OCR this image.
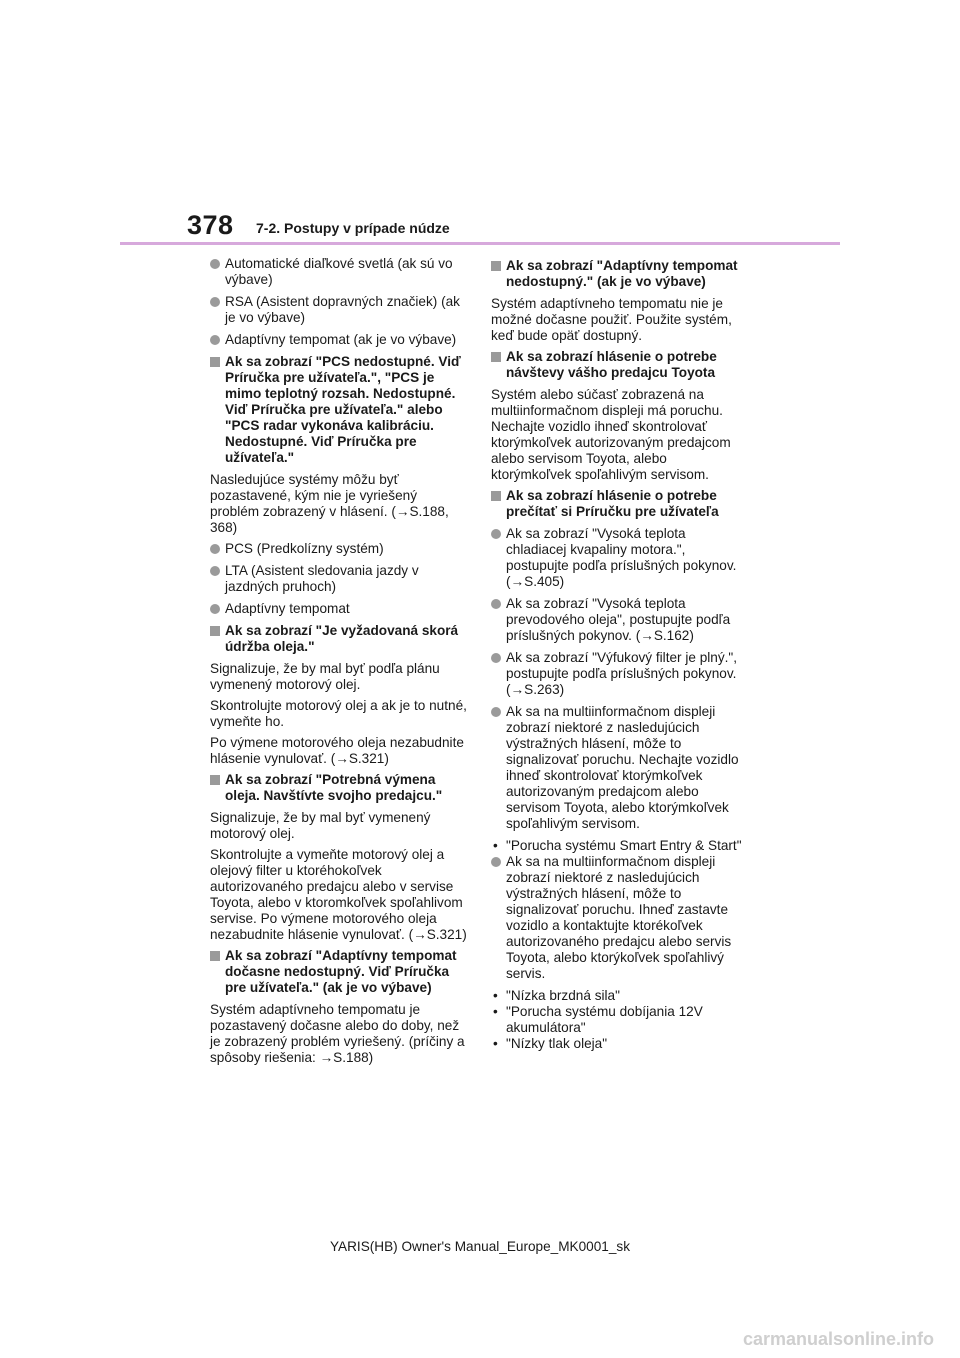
378 7-2. Postupy v prípade núdze
Automatické diaľkové svetlá (ak sú vo výbave)
RSA (Asistent dopravných značiek) (ak je vo výbave)
Adaptívny tempomat (ak je vo výbave)
Ak sa zobrazí "PCS nedostupné. Viď Príručka pre užívateľa.", "PCS je mimo teplotný rozsah. Nedostupné. Viď Príručka pre užívateľa." alebo "PCS radar vykonáva kalibráciu. Nedostupné. Viď Príručka pre užívateľa."
Nasledujúce systémy môžu byť pozastavené, kým nie je vyriešený problém zobrazený v hlásení. (→S.188, 368)
PCS (Predkolízny systém)
LTA (Asistent sledovania jazdy v jazdných pruhoch)
Adaptívny tempomat
Ak sa zobrazí "Je vyžadovaná skorá údržba oleja."
Signalizuje, že by mal byť podľa plánu vymenený motorový olej.
Skontrolujte motorový olej a ak je to nutné, vymeňte ho.
Po výmene motorového oleja nezabudnite hlásenie vynulovať. (→S.321)
Ak sa zobrazí "Potrebná výmena oleja. Navštívte svojho predajcu."
Signalizuje, že by mal byť vymenený motorový olej.
Skontrolujte a vymeňte motorový olej a olejový filter u ktoréhokoľvek autorizovaného predajcu alebo v servise Toyota, alebo v ktoromkoľvek spoľahlivom servise. Po výmene motorového oleja nezabudnite hlásenie vynulovať. (→S.321)
Ak sa zobrazí "Adaptívny tempomat dočasne nedostupný. Viď Príručka pre užívateľa." (ak je vo výbave)
Systém adaptívneho tempomatu je pozastavený dočasne alebo do doby, než je zobrazený problém vyriešený. (príčiny a spôsoby riešenia: →S.188)
Ak sa zobrazí "Adaptívny tempomat nedostupný." (ak je vo výbave)
Systém adaptívneho tempomatu nie je možné dočasne použiť. Použite systém, keď bude opäť dostupný.
Ak sa zobrazí hlásenie o potrebe návštevy vášho predajcu Toyota
Systém alebo súčasť zobrazená na multiinformačnom displeji má poruchu. Nechajte vozidlo ihneď skontrolovať ktorýmkoľvek autorizovaným predajcom alebo servisom Toyota, alebo ktorýmkoľvek spoľahlivým servisom.
Ak sa zobrazí hlásenie o potrebe prečítať si Príručku pre užívateľa
Ak sa zobrazí "Vysoká teplota chladiacej kvapaliny motora.", postupujte podľa príslušných pokynov. (→S.405)
Ak sa zobrazí "Vysoká teplota prevodového oleja", postupujte podľa príslušných pokynov. (→S.162)
Ak sa zobrazí "Výfukový filter je plný.", postupujte podľa príslušných pokynov. (→S.263)
Ak sa na multiinformačnom displeji zobrazí niektoré z nasledujúcich výstražných hlásení, môže to signalizovať poruchu. Nechajte vozidlo ihneď skontrolovať ktorýmkoľvek autorizovaným predajcom alebo servisom Toyota, alebo ktorýmkoľvek spoľahlivým servisom.
• "Porucha systému Smart Entry & Start"
Ak sa na multiinformačnom displeji zobrazí niektoré z nasledujúcich výstražných hlásení, môže to signalizovať poruchu. Ihneď zastavte vozidlo a kontaktujte ktorékoľvek autorizovaného predajcu alebo servis Toyota, alebo ktorýkoľvek spoľahlivý servis.
• "Nízka brzdná sila"
• "Porucha systému dobíjania 12V akumulátora"
• "Nízky tlak oleja"
YARIS(HB) Owner's Manual_Europe_MK0001_sk
carmanualsonline.info
